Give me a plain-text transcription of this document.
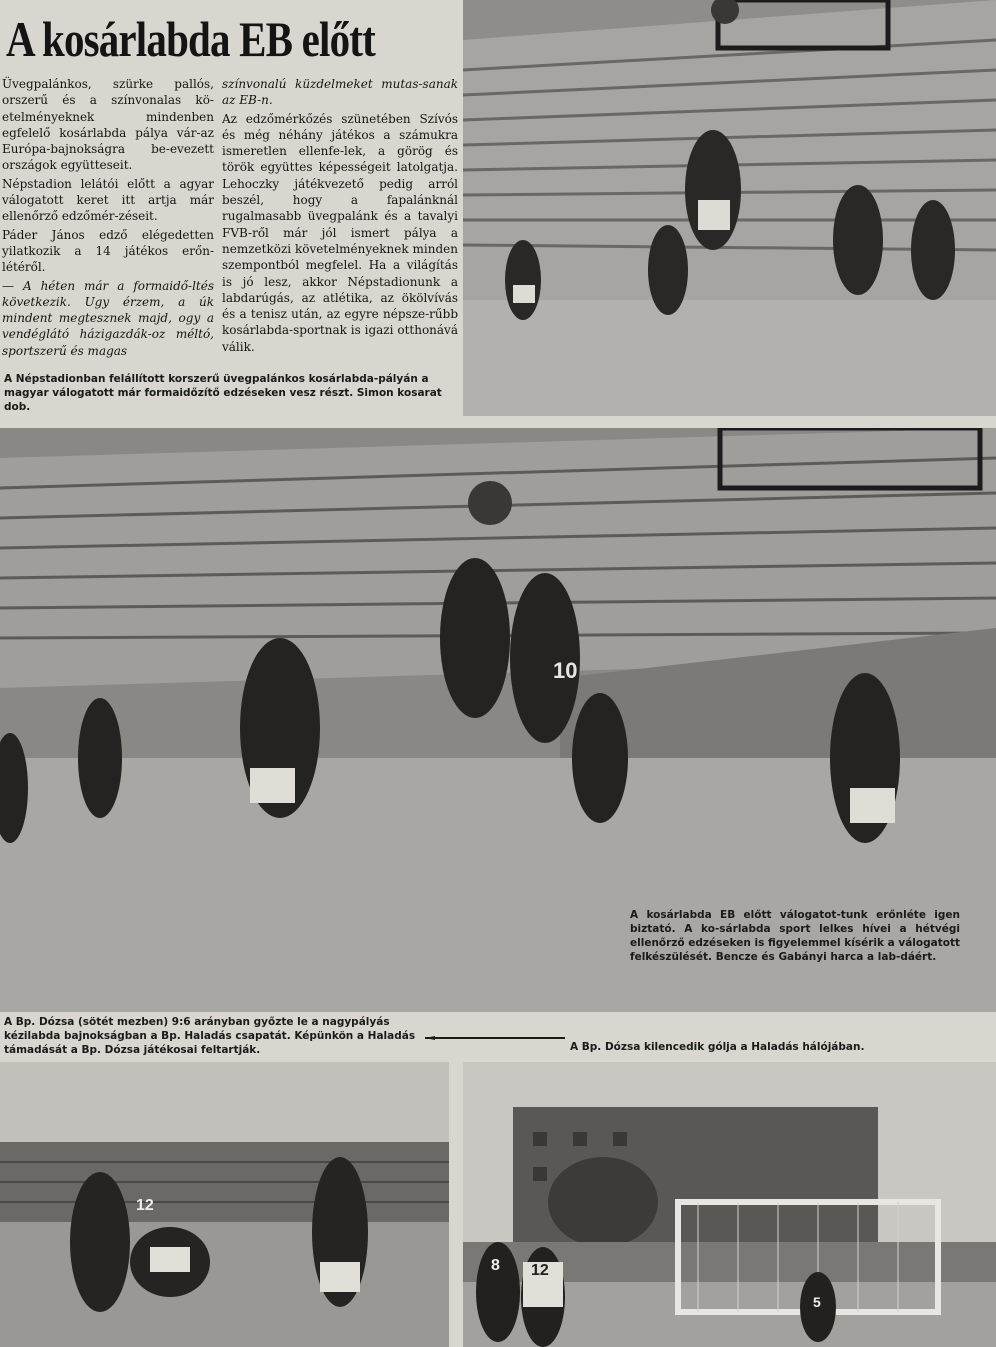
A kosárlabda EB előtt

Üvegpalánkos, szürke pallós, orszerű és a színvonalas kö-etelményeknek mindenben egfelelő kosárlabda pálya vár-az Európa-bajnokságra be-evezett országok együtteseit.

Népstadion lelátói előtt a agyar válogatott keret itt artja már ellenőrző edzőmér-zéseit.

Páder János edző elégedetten yilatkozik a 14 játékos erőn-létéről.

— A héten már a formaidő-ltés következik. Ugy érzem, a úk mindent megtesznek majd, ogy a vendéglátó házigazdák-oz méltó, sportszerű és magas

színvonalú küzdelmeket mutas-sanak az EB-n.

Az edzőmérkőzés szünetében Szívós és még néhány játékos a számukra ismeretlen ellenfe-lek, a görög és török együttes képességeit latolgatja. Lehoczky játékvezető pedig arról beszél, hogy a fapalánknál rugalmasabb üvegpalánk és a tavalyi FVB-ről már jól ismert pálya a nemzetközi követelményeknek minden szempontból megfelel. Ha a világítás is jó lesz, akkor Népstadionunk a labdarúgás, az atlétika, az ökölvívás és a tenisz után, az egyre népsze-rűbb kosárlabda-sportnak is igazi otthonává válik.

A Népstadionban felállított korszerű üvegpalánkos kosárlabda-pályán a magyar válogatott már formaidőzítő edzéseken vesz részt. Simon kosarat dob.
10
A kosárlabda EB előtt válogatot-tunk erőnléte igen biztató. A ko-sárlabda sport lelkes hívei a hétvégi ellenőrző edzéseken is figyelemmel kísérik a válogatott felkészülését. Bencze és Gabányi harca a lab-dáért.
A Bp. Dózsa (sötét mezben) 9:6 arányban győzte le a nagypályás kézilabda bajnokságban a Bp. Haladás csapatát. Képünkön a Haladás támadását a Bp. Dózsa játékosai feltartják.	A Bp. Dózsa kilencedik gólja a Haladás hálójában.
12
8 12
5
